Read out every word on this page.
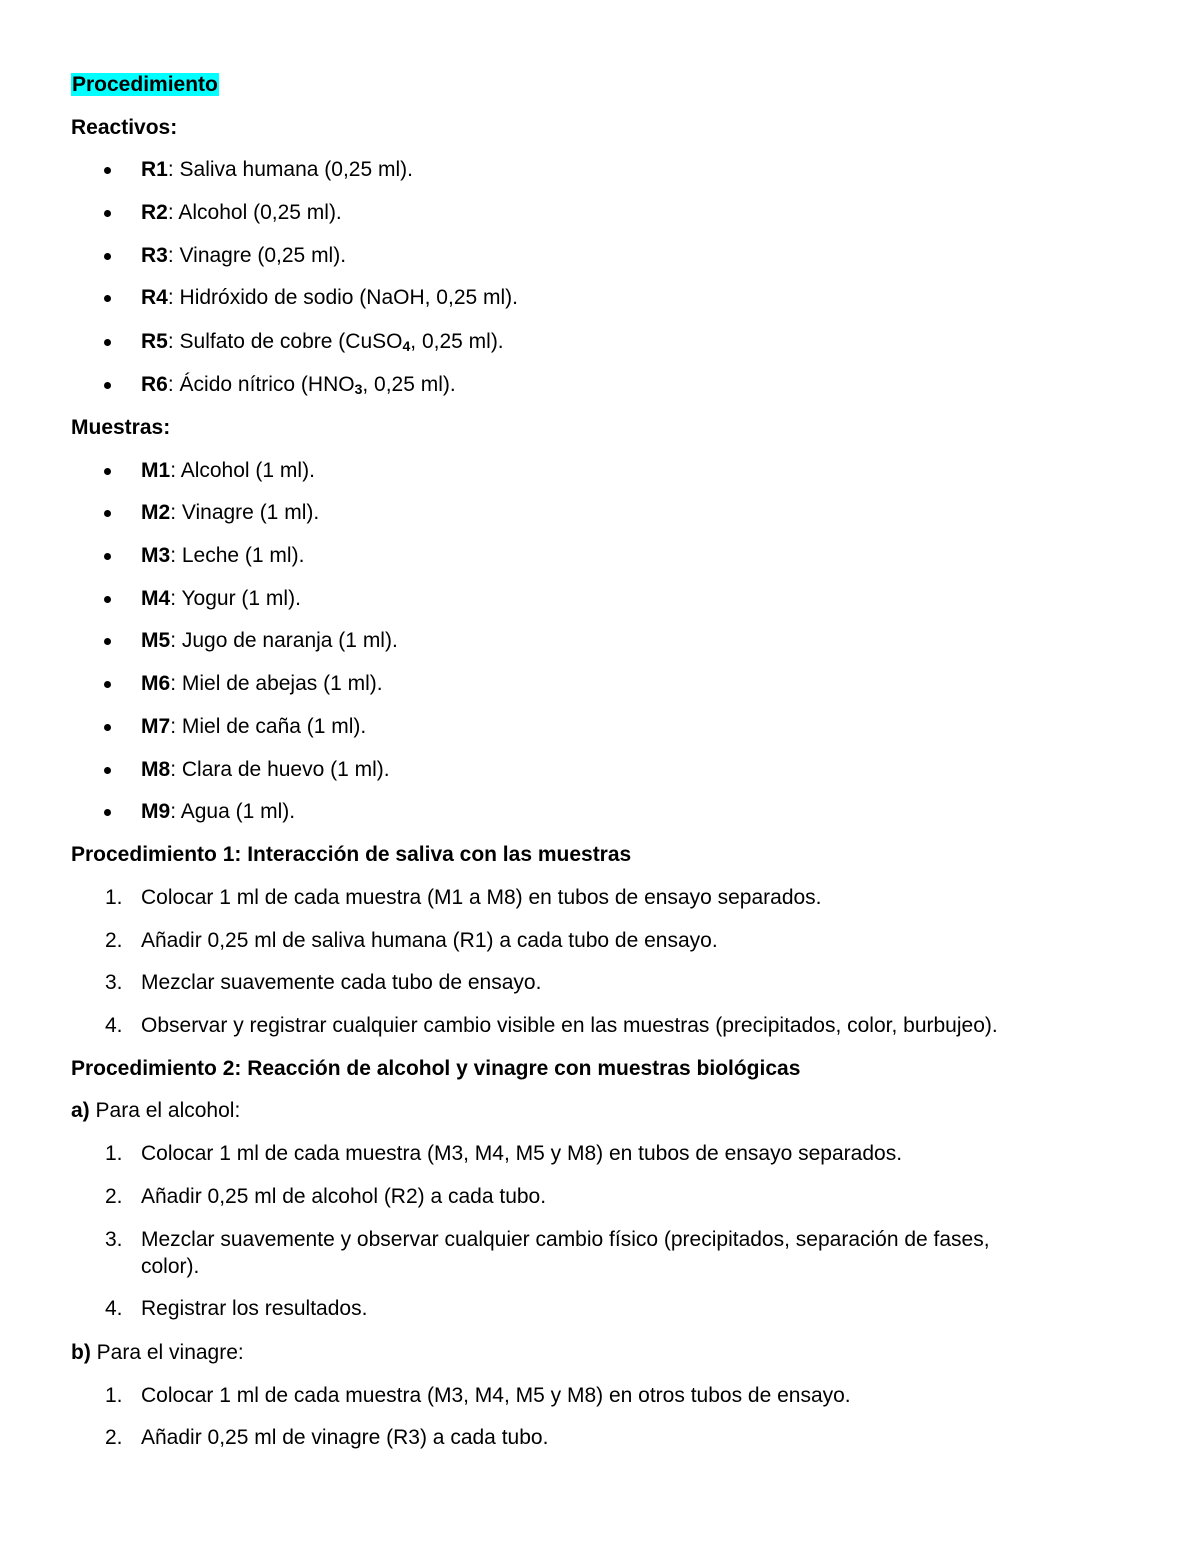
Procedimiento
Reactivos:
R1: Saliva humana (0,25 ml).
R2: Alcohol (0,25 ml).
R3: Vinagre (0,25 ml).
R4: Hidróxido de sodio (NaOH, 0,25 ml).
R5: Sulfato de cobre (CuSO$_4$, 0,25 ml).
R6: Ácido nítrico ($HNO_3$, 0,25 ml).
Muestras:
M1: Alcohol (1 ml).
M2: Vinagre (1 ml).
M3: Leche (1 ml).
M4: Yogur (1 ml).
M5: Jugo de naranja (1 ml).
M6: Miel de abejas (1 ml).
M7: Miel de caña (1 ml).
M8: Clara de huevo (1 ml).
M9: Agua (1 ml).
Procedimiento 1: Interacción de saliva con las muestras
1. Colocar 1 ml de cada muestra (M1 a M8) en tubos de ensayo separados.
2. Añadir 0,25 ml de saliva humana (R1) a cada tubo de ensayo.
3. Mezclar suavemente cada tubo de ensayo.
4. Observar y registrar cualquier cambio visible en las muestras (precipitados, color, burbujeo).
Procedimiento 2: Reacción de alcohol y vinagre con muestras biológicas
a) Para el alcohol:
1. Colocar 1 ml de cada muestra (M3, M4, M5 y M8) en tubos de ensayo separados.
2. Añadir 0,25 ml de alcohol (R2) a cada tubo.
3. Mezclar suavemente y observar cualquier cambio físico (precipitados, separación de fases,
color).
4. Registrar los resultados.
b) Para el vinagre:
1. Colocar 1 ml de cada muestra (M3, M4, M5 y M8) en otros tubos de ensayo.
2. Añadir 0,25 ml de vinagre (R3) a cada tubo.
